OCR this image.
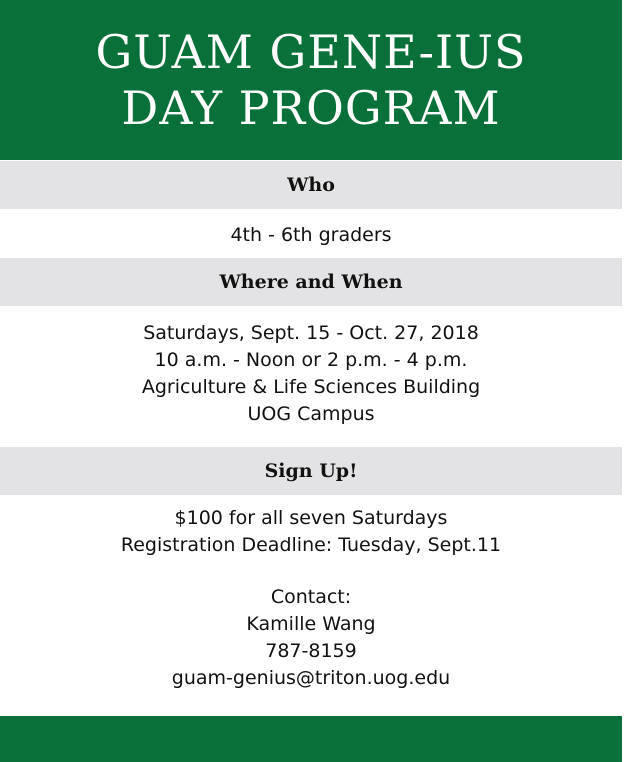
GUAM GENE-IUS
DAY PROGRAM
Who
4th - 6th graders
Where and When
Saturdays, Sept. 15 - Oct. 27, 2018
10 a.m. - Noon or 2 p.m. - 4 p.m.
Agriculture & Life Sciences Building
UOG Campus
Sign Up!
$100 for all seven Saturdays
Registration Deadline: Tuesday, Sept.11
Contact:
Kamille Wang
787-8159
guam-genius@triton.uog.edu
